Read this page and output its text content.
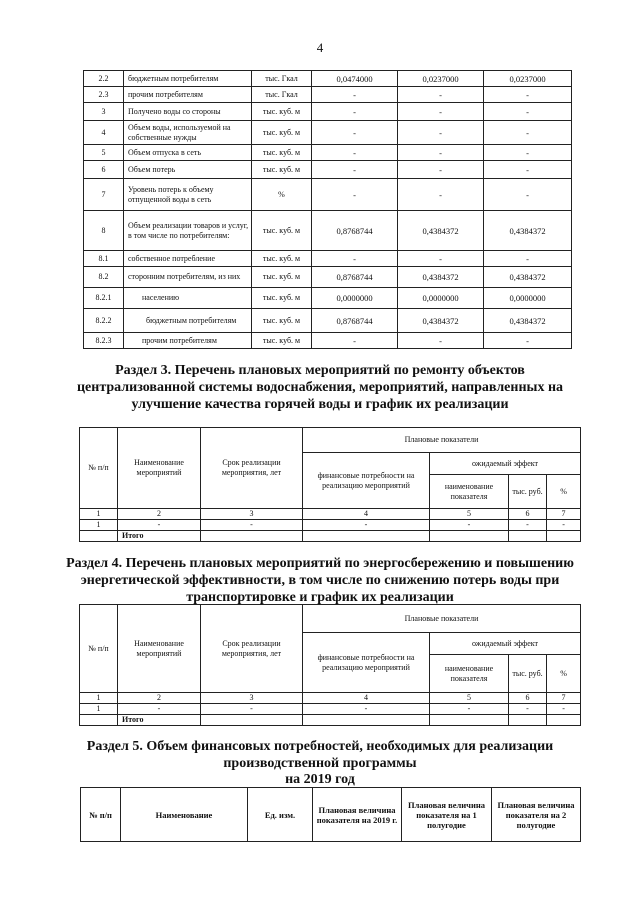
4
2.2	бюджетным потребителям	тыс. Гкал	0,0474000	0,0237000	0,0237000
2.3	прочим потребителям	тыс. Гкал	-	-	-
3	Получено воды со стороны	тыс. куб. м	-	-	-
4	Объем воды, используемой на собственные нужды	тыс. куб. м	-	-	-
5	Объем отпуска в сеть	тыс. куб. м	-	-	-
6	Объем потерь	тыс. куб. м	-	-	-
7	Уровень потерь к объему отпущенной воды в сеть	%	-	-	-
8	Объем реализации товаров и услуг, в том числе по потребителям:	тыс. куб. м	0,8768744	0,4384372	0,4384372
8.1	собственное потребление	тыс. куб. м	-	-	-
8.2	сторонним потребителям, из них	тыс. куб. м	0,8768744	0,4384372	0,4384372
8.2.1	населению	тыс. куб. м	0,0000000	0,0000000	0,0000000
8.2.2	бюджетным потребителям	тыс. куб. м	0,8768744	0,4384372	0,4384372
8.2.3	прочим потребителям	тыс. куб. м	-	-	-
Раздел 3. Перечень плановых мероприятий по ремонту объектов централизованной системы водоснабжения, мероприятий, направленных на улучшение качества горячей воды и график их реализации
№ п/п	Наименование мероприятий	Срок реализации мероприятия, лет	Плановые показатели			
			финансовые потребности на реализацию мероприятий	ожидаемый эффект		
				наименование показателя	тыс. руб.	%
1	2	3	4	5	6	7
1	-	-	-	-	-	-
	Итого					
Раздел 4. Перечень плановых мероприятий по энергосбережению и повышению энергетической эффективности, в том числе по снижению потерь воды при транспортировке и график их реализации
№ п/п	Наименование мероприятий	Срок реализации мероприятия, лет	Плановые показатели			
			финансовые потребности на реализацию мероприятий	ожидаемый эффект		
				наименование показателя	тыс. руб.	%
1	2	3	4	5	6	7
1	-	-	-	-	-	-
	Итого					
Раздел 5. Объем финансовых потребностей, необходимых для реализации производственной программы
на 2019 год
№ п/п	Наименование	Ед. изм.	Плановая величина показателя на 2019 г.	Плановая величина показателя на 1 полугодие	Плановая величина показателя на 2 полугодие
